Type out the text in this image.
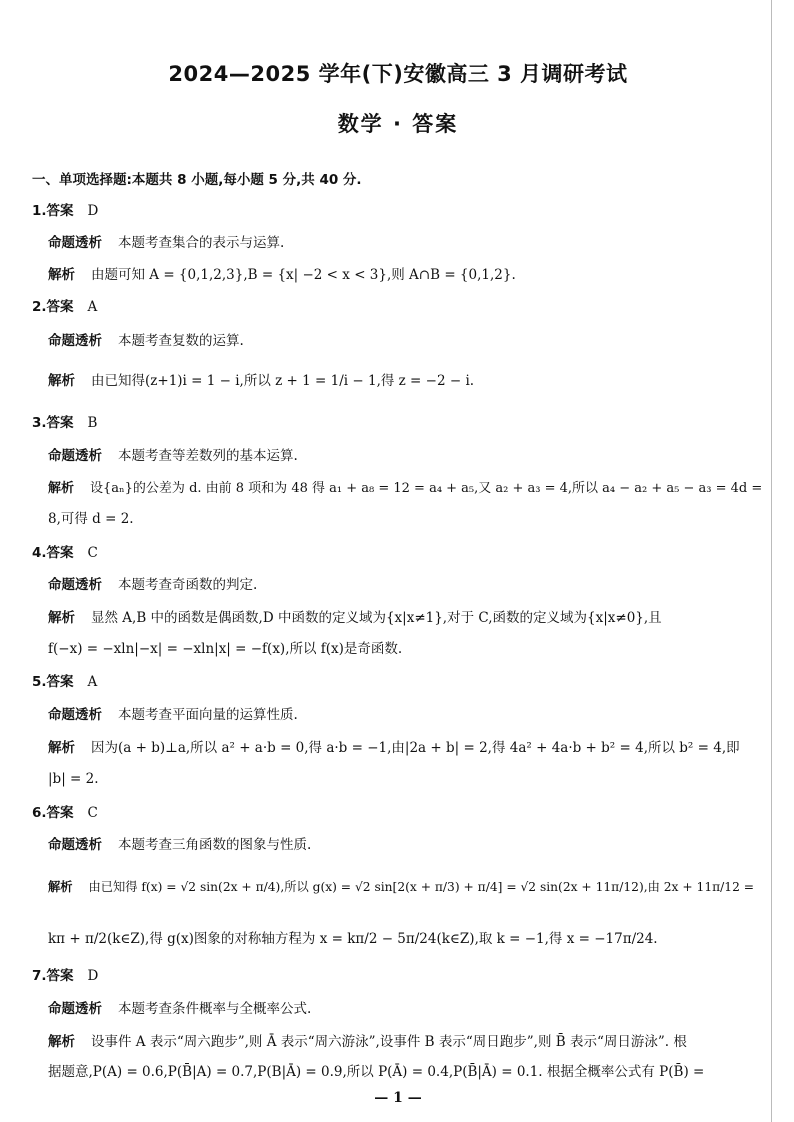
2024—2025 学年(下)安徽高三 3 月调研考试
数学 · 答案
一、单项选择题:本题共 8 小题,每小题 5 分,共 40 分.
1.答案 D
命题透析 本题考查集合的表示与运算.
解析 由题可知 A = {0,1,2,3},B = {x| −2 < x < 3},则 A∩B = {0,1,2}.
2.答案 A
命题透析 本题考查复数的运算.
解析 由已知得(z+1)i = 1 − i,所以 z + 1 = 1/i − 1,得 z = −2 − i.
3.答案 B
命题透析 本题考查等差数列的基本运算.
解析 设{aₙ}的公差为 d. 由前 8 项和为 48 得 a₁ + a₈ = 12 = a₄ + a₅,又 a₂ + a₃ = 4,所以 a₄ − a₂ + a₅ − a₃ = 4d =
8,可得 d = 2.
4.答案 C
命题透析 本题考查奇函数的判定.
解析 显然 A,B 中的函数是偶函数,D 中函数的定义域为{x|x≠1},对于 C,函数的定义域为{x|x≠0},且
f(−x) = −xln|−x| = −xln|x| = −f(x),所以 f(x)是奇函数.
5.答案 A
命题透析 本题考查平面向量的运算性质.
解析 因为(a + b)⊥a,所以 a² + a·b = 0,得 a·b = −1,由|2a + b| = 2,得 4a² + 4a·b + b² = 4,所以 b² = 4,即
|b| = 2.
6.答案 C
命题透析 本题考查三角函数的图象与性质.
解析 由已知得 f(x) = √2 sin(2x + π/4),所以 g(x) = √2 sin[2(x + π/3) + π/4] = √2 sin(2x + 11π/12),由 2x + 11π/12 =
kπ + π/2(k∈Z),得 g(x)图象的对称轴方程为 x = kπ/2 − 5π/24(k∈Z),取 k = −1,得 x = −17π/24.
7.答案 D
命题透析 本题考查条件概率与全概率公式.
解析 设事件 A 表示“周六跑步”,则 Ā 表示“周六游泳”,设事件 B 表示“周日跑步”,则 B̄ 表示“周日游泳”. 根
据题意,P(A) = 0.6,P(B̄|A) = 0.7,P(B|Ā) = 0.9,所以 P(Ā) = 0.4,P(B̄|Ā) = 0.1. 根据全概率公式有 P(B̄) =
— 1 —
